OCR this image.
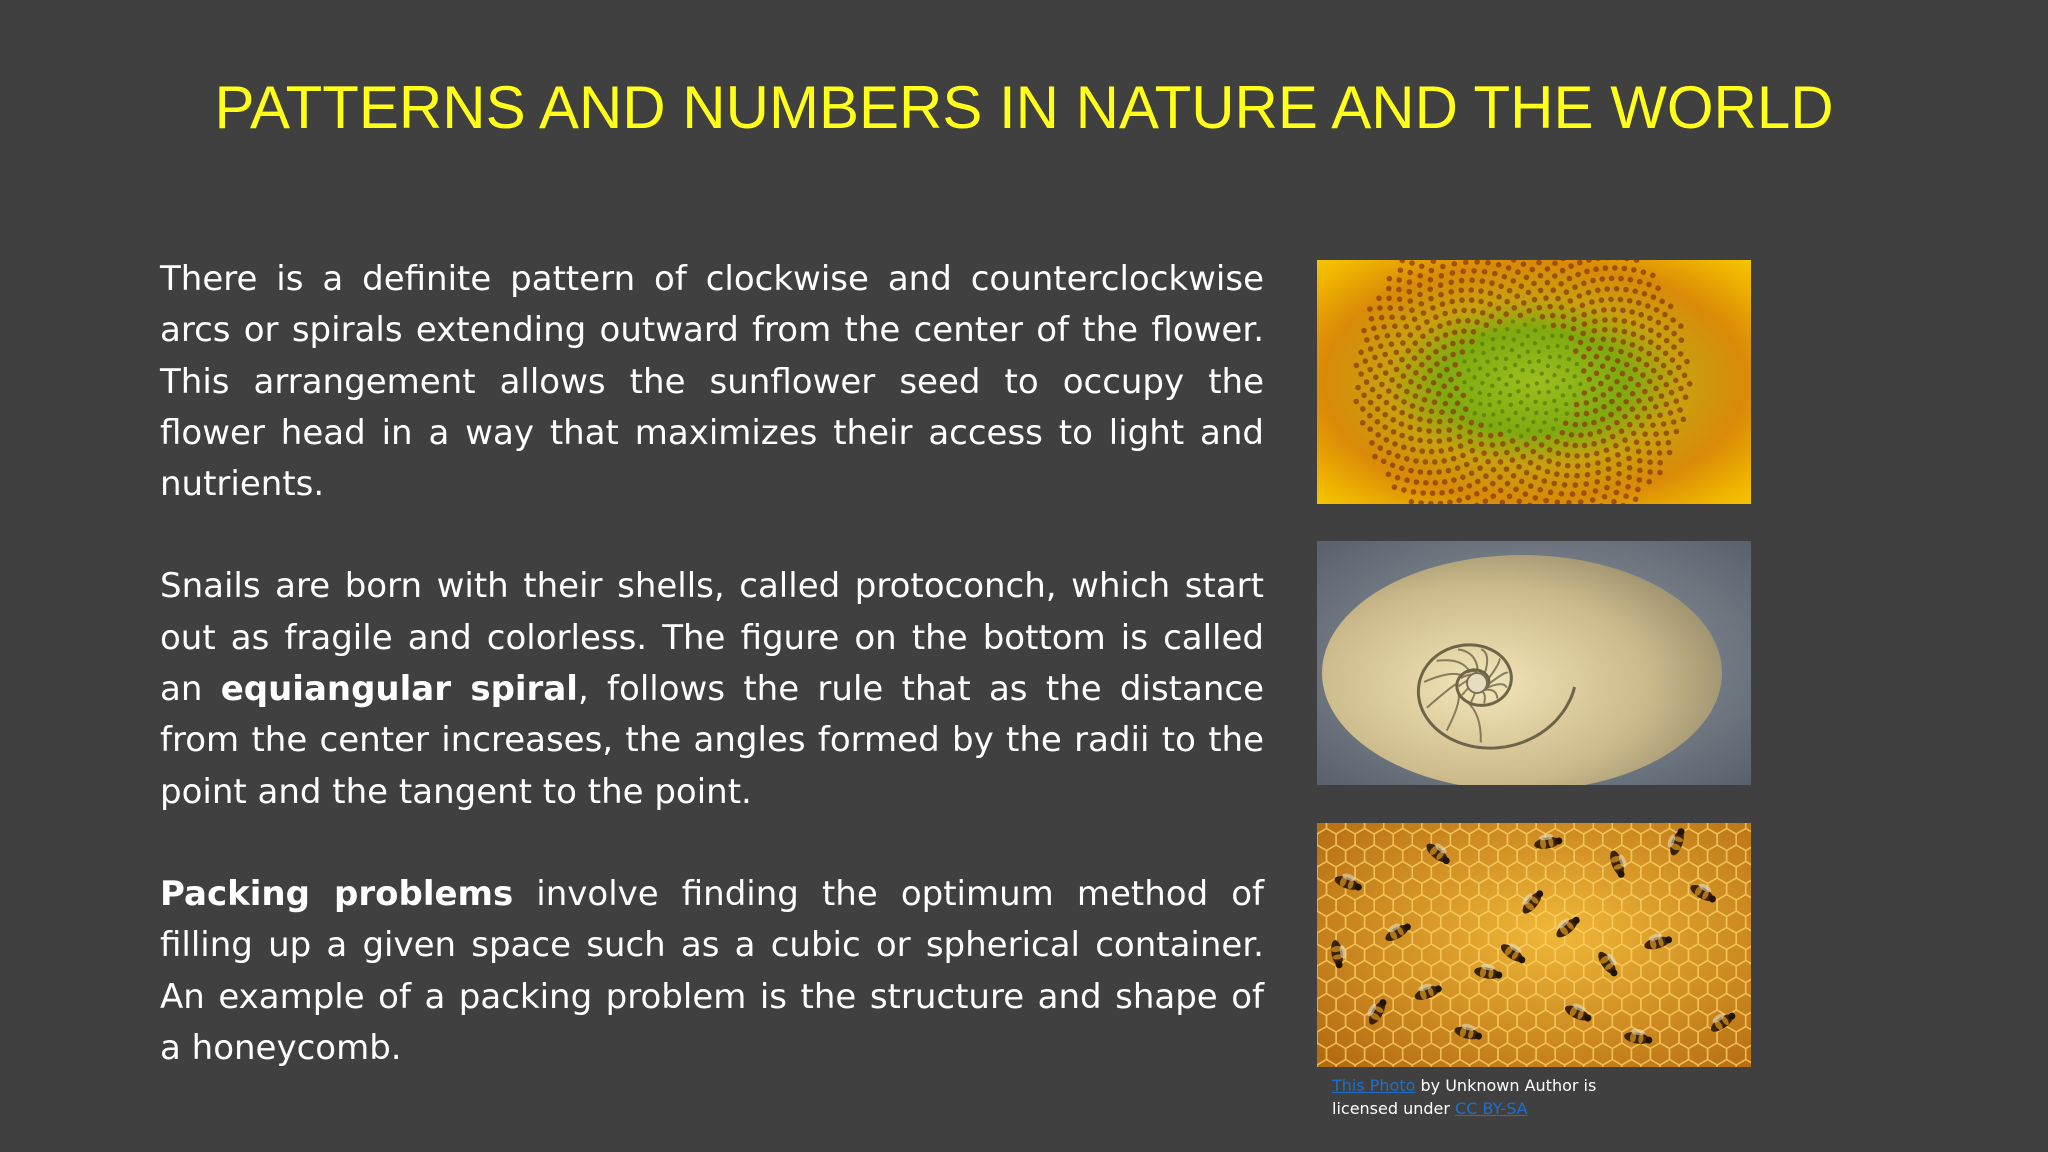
PATTERNS AND NUMBERS IN NATURE AND THE WORLD

There is a definite pattern of clockwise and counterclockwise arcs or spirals extending outward from the center of the flower. This arrangement allows the sunflower seed to occupy the flower head in a way that maximizes their access to light and nutrients.

Snails are born with their shells, called protoconch, which start out as fragile and colorless. The figure on the bottom is called an equiangular spiral, follows the rule that as the distance from the center increases, the angles formed by the radii to the point and the tangent to the point.

Packing problems involve finding the optimum method of filling up a given space such as a cubic or spherical container. An example of a packing problem is the structure and shape of a honeycomb.

This Photo by Unknown Author is
licensed under CC BY-SA
